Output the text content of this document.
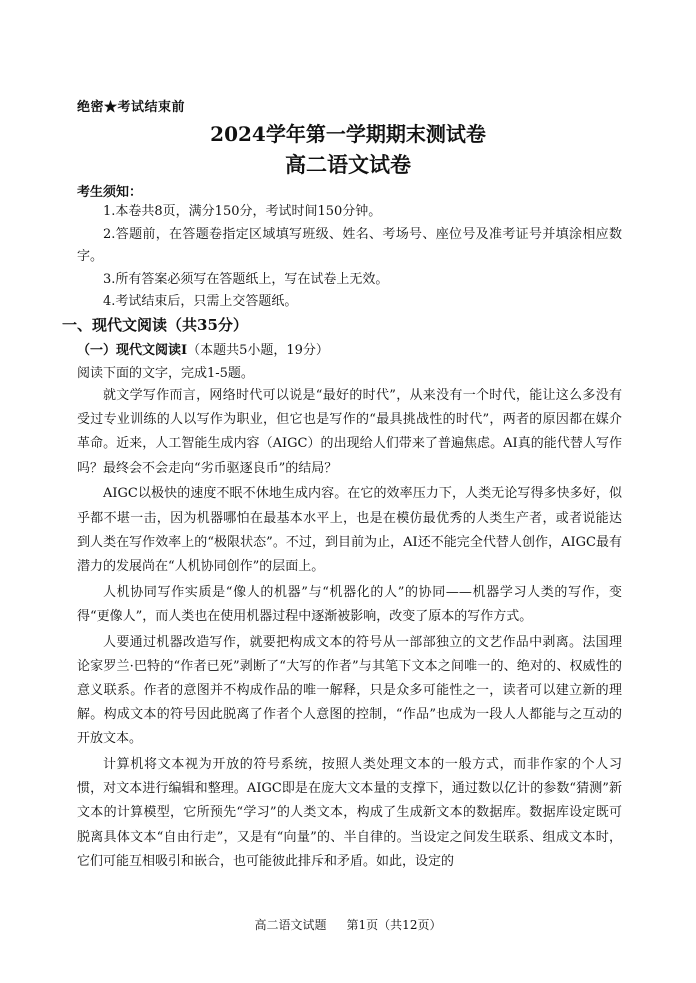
绝密★考试结束前
2024学年第一学期期末测试卷
高二语文试卷
考生须知：
1.本卷共8页，满分150分，考试时间150分钟。
2.答题前，在答题卷指定区域填写班级、姓名、考场号、座位号及准考证号并填涂相应数字。
3.所有答案必须写在答题纸上，写在试卷上无效。
4.考试结束后，只需上交答题纸。
一、现代文阅读（共35分）
（一）现代文阅读Ⅰ（本题共5小题，19分）
阅读下面的文字，完成1-5题。

就文学写作而言，网络时代可以说是“最好的时代”，从来没有一个时代，能让这么多没有受过专业训练的人以写作为职业，但它也是写作的“最具挑战性的时代”，两者的原因都在媒介革命。近来，人工智能生成内容（AIGC）的出现给人们带来了普遍焦虑。AI真的能代替人写作吗？最终会不会走向“劣币驱逐良币”的结局？

AIGC以极快的速度不眠不休地生成内容。在它的效率压力下，人类无论写得多快多好，似乎都不堪一击，因为机器哪怕在最基本水平上，也是在模仿最优秀的人类生产者，或者说能达到人类在写作效率上的“极限状态”。不过，到目前为止，AI还不能完全代替人创作，AIGC最有潜力的发展尚在“人机协同创作”的层面上。

人机协同写作实质是“像人的机器”与“机器化的人”的协同——机器学习人类的写作，变得“更像人”，而人类也在使用机器过程中逐渐被影响，改变了原本的写作方式。

人要通过机器改造写作，就要把构成文本的符号从一部部独立的文艺作品中剥离。法国理论家罗兰·巴特的“作者已死”剥断了“大写的作者”与其笔下文本之间唯一的、绝对的、权威性的意义联系。作者的意图并不构成作品的唯一解释，只是众多可能性之一，读者可以建立新的理解。构成文本的符号因此脱离了作者个人意图的控制，“作品”也成为一段人人都能与之互动的开放文本。

计算机将文本视为开放的符号系统，按照人类处理文本的一般方式，而非作家的个人习惯，对文本进行编辑和整理。AIGC即是在庞大文本量的支撑下，通过数以亿计的参数“猜测”新文本的计算模型，它所预先“学习”的人类文本，构成了生成新文本的数据库。数据库设定既可脱离具体文本“自由行走”，又是有“向量”的、半自律的。当设定之间发生联系、组成文本时，它们可能互相吸引和嵌合，也可能彼此排斥和矛盾。如此，设定的

高二语文试题 第1页（共12页）
